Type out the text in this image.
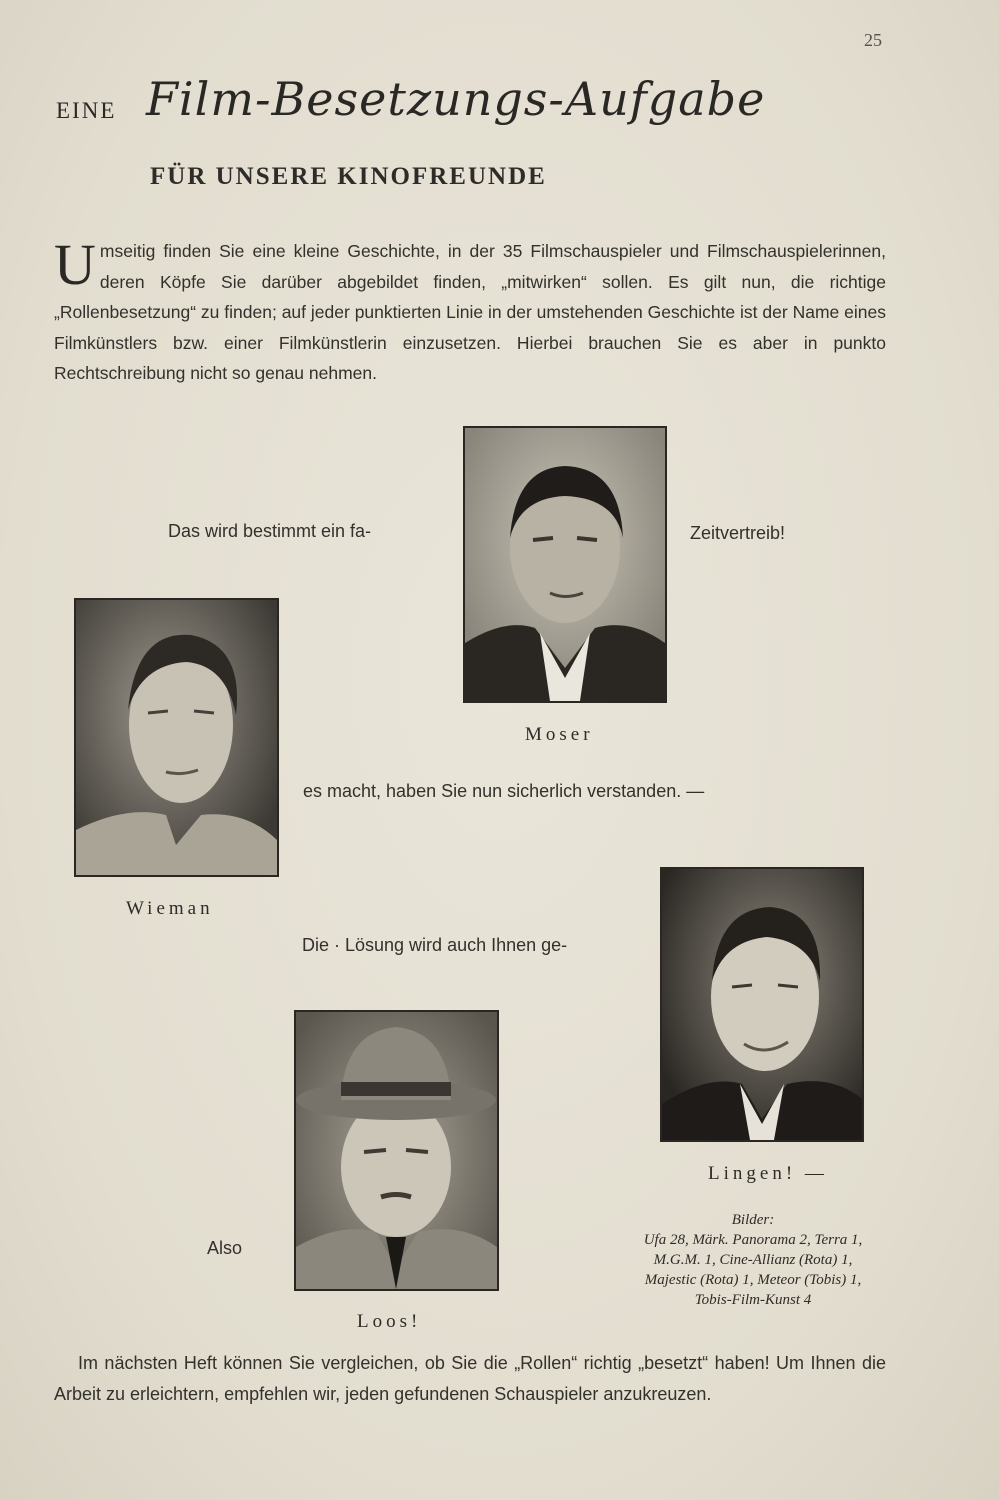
25
EINE Film-Besetzungs-Aufgabe
FÜR UNSERE KINOFREUNDE
Umseitig finden Sie eine kleine Geschichte, in der 35 Filmschauspieler und Filmschauspielerinnen, deren Köpfe Sie darüber abgebildet finden, „mitwirken“ sollen. Es gilt nun, die richtige „Rollenbesetzung“ zu finden; auf jeder punktierten Linie in der umstehenden Geschichte ist der Name eines Filmkünstlers bzw. einer Filmkünstlerin einzusetzen. Hierbei brauchen Sie es aber in punkto Rechtschreibung nicht so genau nehmen.
Das wird bestimmt ein fa-	Zeitvertreib!
Moser
Wieman
es macht, haben Sie nun sicherlich verstanden. —
Die · Lösung wird auch Ihnen ge-
Lingen! —
Loos!
Also
Bilder:
Ufa 28, Märk. Panorama 2, Terra 1, M.G.M. 1, Cine-Allianz (Rota) 1, Majestic (Rota) 1, Meteor (Tobis) 1, Tobis-Film-Kunst 4
Im nächsten Heft können Sie vergleichen, ob Sie die „Rollen“ richtig „besetzt“ haben! Um Ihnen die Arbeit zu erleichtern, empfehlen wir, jeden gefundenen Schauspieler anzukreuzen.
